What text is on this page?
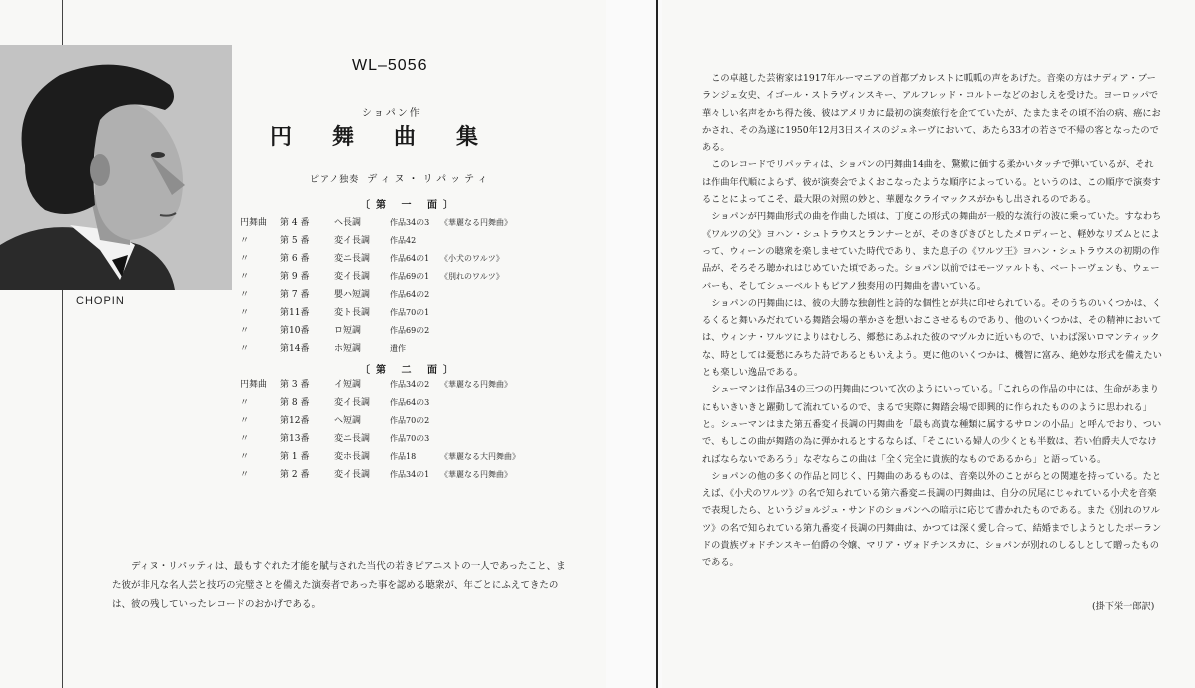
CHOPIN
WL–5056
ショパン作
円舞曲集
ピアノ独奏 ディヌ・リパッティ
〔第 一 面〕
円舞曲	第 4 番	ヘ長調	作品34の3	《華麗なる円舞曲》
〃	第 5 番	変イ長調	作品42
〃	第 6 番	変ニ長調	作品64の1	《小犬のワルツ》
〃	第 9 番	変イ長調	作品69の1	《別れのワルツ》
〃	第 7 番	嬰ハ短調	作品64の2
〃	第11番	変ト長調	作品70の1
〃	第10番	ロ短調	作品69の2
〃	第14番	ホ短調	遺作
〔第 二 面〕
円舞曲	第 3 番	イ短調	作品34の2	《華麗なる円舞曲》
〃	第 8 番	変イ長調	作品64の3
〃	第12番	ヘ短調	作品70の2
〃	第13番	変ニ長調	作品70の3
〃	第 1 番	変ホ長調	作品18	《華麗なる大円舞曲》
〃	第 2 番	変イ長調	作品34の1	《華麗なる円舞曲》
ディヌ・リパッティは、最もすぐれた才能を賦与された当代の若きピアニストの一人であったこと、また彼が非凡な名人芸と技巧の完璧さとを備えた演奏者であった事を認める聴衆が、年ごとにふえてきたのは、彼の残していったレコードのおかげである。

この卓越した芸術家は1917年ルーマニアの首都ブカレストに呱呱の声をあげた。音楽の方はナディア・ブーランジェ女史、イゴール・ストラヴィンスキー、アルフレッド・コルトーなどのおしえを受けた。ヨーロッパで華々しい名声をかち得た後、彼はアメリカに最初の演奏旅行を企てていたが、たまたまその頃不治の病、癌におかされ、その為遂に1950年12月3日スイスのジュネーヴにおいて、あたら33才の若さで不帰の客となったのである。

このレコードでリパッティは、ショパンの円舞曲14曲を、驚歎に価する柔かいタッチで弾いているが、それは作曲年代順によらず、彼が演奏会でよくおこなったような順序によっている。というのは、この順序で演奏することによってこそ、最大限の対照の妙と、華麗なクライマックスがかもし出されるのである。

ショパンが円舞曲形式の曲を作曲した頃は、丁度この形式の舞曲が一般的な流行の波に乗っていた。すなわち《ワルツの父》ヨハン・シュトラウスとランナーとが、そのきびきびとしたメロディーと、軽妙なリズムとによって、ウィーンの聴衆を楽しませていた時代であり、また息子の《ワルツ王》ヨハン・シュトラウスの初期の作品が、そろそろ聴かれはじめていた頃であった。ショパン以前ではモーツァルトも、ベートーヴェンも、ウェーバーも、そしてシューベルトもピアノ独奏用の円舞曲を書いている。

ショパンの円舞曲には、彼の大勝な独創性と詩的な個性とが共に印せられている。そのうちのいくつかは、くるくると舞いみだれている舞踏会場の華かさを想いおこさせるものであり、他のいくつかは、その精神においては、ウィンナ・ワルツによりはむしろ、郷愁にあふれた彼のマヅルカに近いもので、いわば深いロマンティックな、時としては憂愁にみちた詩であるともいえよう。更に他のいくつかは、機智に富み、絶妙な形式を備えたいとも楽しい逸品である。

シューマンは作品34の三つの円舞曲について次のようにいっている。「これらの作品の中には、生命があまりにもいきいきと躍動して流れているので、まるで実際に舞踏会場で即興的に作られたもののように思われる」と。シューマンはまた第五番変イ長調の円舞曲を「最も高貴な種類に属するサロンの小品」と呼んでおり、ついで、もしこの曲が舞踏の為に弾かれるとするならば、「そこにいる婦人の少くとも半数は、若い伯爵夫人でなければならないであろう」なぞならこの曲は「全く完全に貴族的なものであるから」と語っている。

ショパンの他の多くの作品と同じく、円舞曲のあるものは、音楽以外のことがらとの関連を持っている。たとえば、《小犬のワルツ》の名で知られている第六番変ニ長調の円舞曲は、自分の尻尾にじゃれている小犬を音楽で表現したら、というジョルジュ・サンドのショパンへの暗示に応じて書かれたものである。また《別れのワルツ》の名で知られている第九番変イ長調の円舞曲は、かつては深く愛し合って、結婚までしようとしたポーランドの貴族ヴォドチンスキー伯爵の令嬢、マリア・ヴォドチンスカに、ショパンが別れのしるしとして贈ったものである。

(掛下栄一郎訳)
